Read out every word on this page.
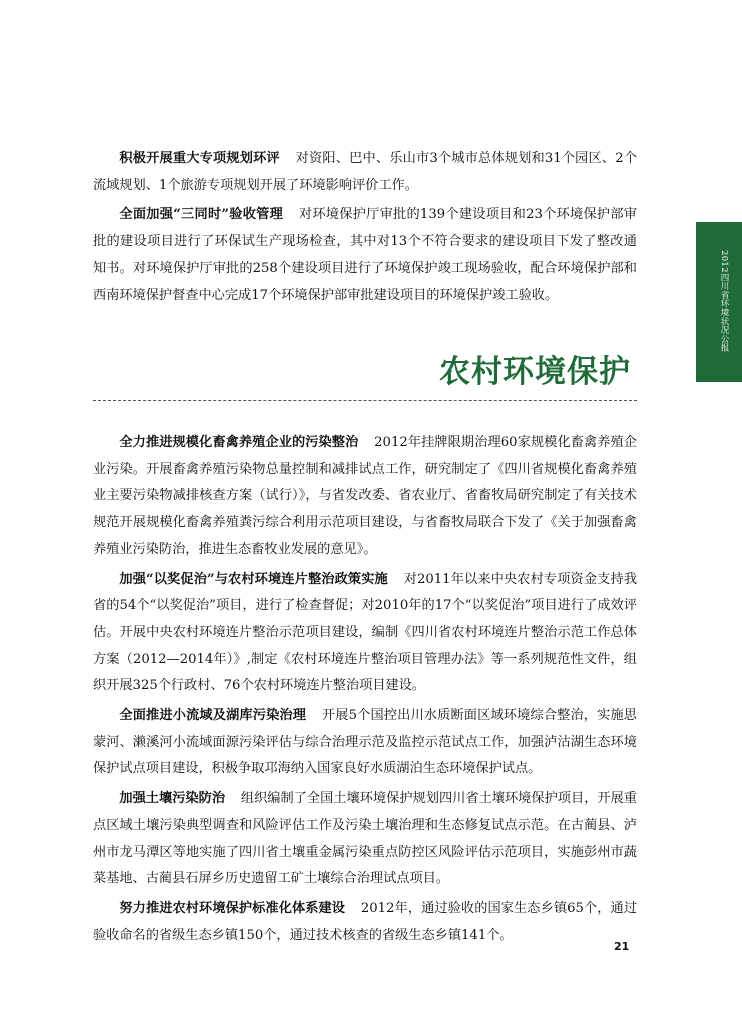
2012四川省环境状况公报

积极开展重大专项规划环评 对资阳、巴中、乐山市3个城市总体规划和31个园区、2个流域规划、1个旅游专项规划开展了环境影响评价工作。

全面加强“三同时”验收管理 对环境保护厅审批的139个建设项目和23个环境保护部审批的建设项目进行了环保试生产现场检查，其中对13个不符合要求的建设项目下发了整改通知书。对环境保护厅审批的258个建设项目进行了环境保护竣工现场验收，配合环境保护部和西南环境保护督查中心完成17个环境保护部审批建设项目的环境保护竣工验收。

农村环境保护

全力推进规模化畜禽养殖企业的污染整治 2012年挂牌限期治理60家规模化畜禽养殖企业污染。开展畜禽养殖污染物总量控制和减排试点工作，研究制定了《四川省规模化畜禽养殖业主要污染物减排核查方案（试行）》，与省发改委、省农业厅、省畜牧局研究制定了有关技术规范开展规模化畜禽养殖粪污综合利用示范项目建设，与省畜牧局联合下发了《关于加强畜禽养殖业污染防治，推进生态畜牧业发展的意见》。

加强“以奖促治”与农村环境连片整治政策实施 对2011年以来中央农村专项资金支持我省的54个“以奖促治”项目，进行了检查督促；对2010年的17个“以奖促治”项目进行了成效评估。开展中央农村环境连片整治示范项目建设，编制《四川省农村环境连片整治示范工作总体方案（2012—2014年）》,制定《农村环境连片整治项目管理办法》等一系列规范性文件，组织开展325个行政村、76个农村环境连片整治项目建设。

全面推进小流域及湖库污染治理 开展5个国控出川水质断面区域环境综合整治，实施思蒙河、濑溪河小流域面源污染评估与综合治理示范及监控示范试点工作，加强泸沽湖生态环境保护试点项目建设，积极争取邛海纳入国家良好水质湖泊生态环境保护试点。

加强土壤污染防治 组织编制了全国土壤环境保护规划四川省土壤环境保护项目，开展重点区域土壤污染典型调查和风险评估工作及污染土壤治理和生态修复试点示范。在古蔺县、泸州市龙马潭区等地实施了四川省土壤重金属污染重点防控区风险评估示范项目，实施彭州市蔬菜基地、古蔺县石屏乡历史遗留工矿土壤综合治理试点项目。

努力推进农村环境保护标准化体系建设 2012年，通过验收的国家生态乡镇65个，通过验收命名的省级生态乡镇150个，通过技术核查的省级生态乡镇141个。

21
